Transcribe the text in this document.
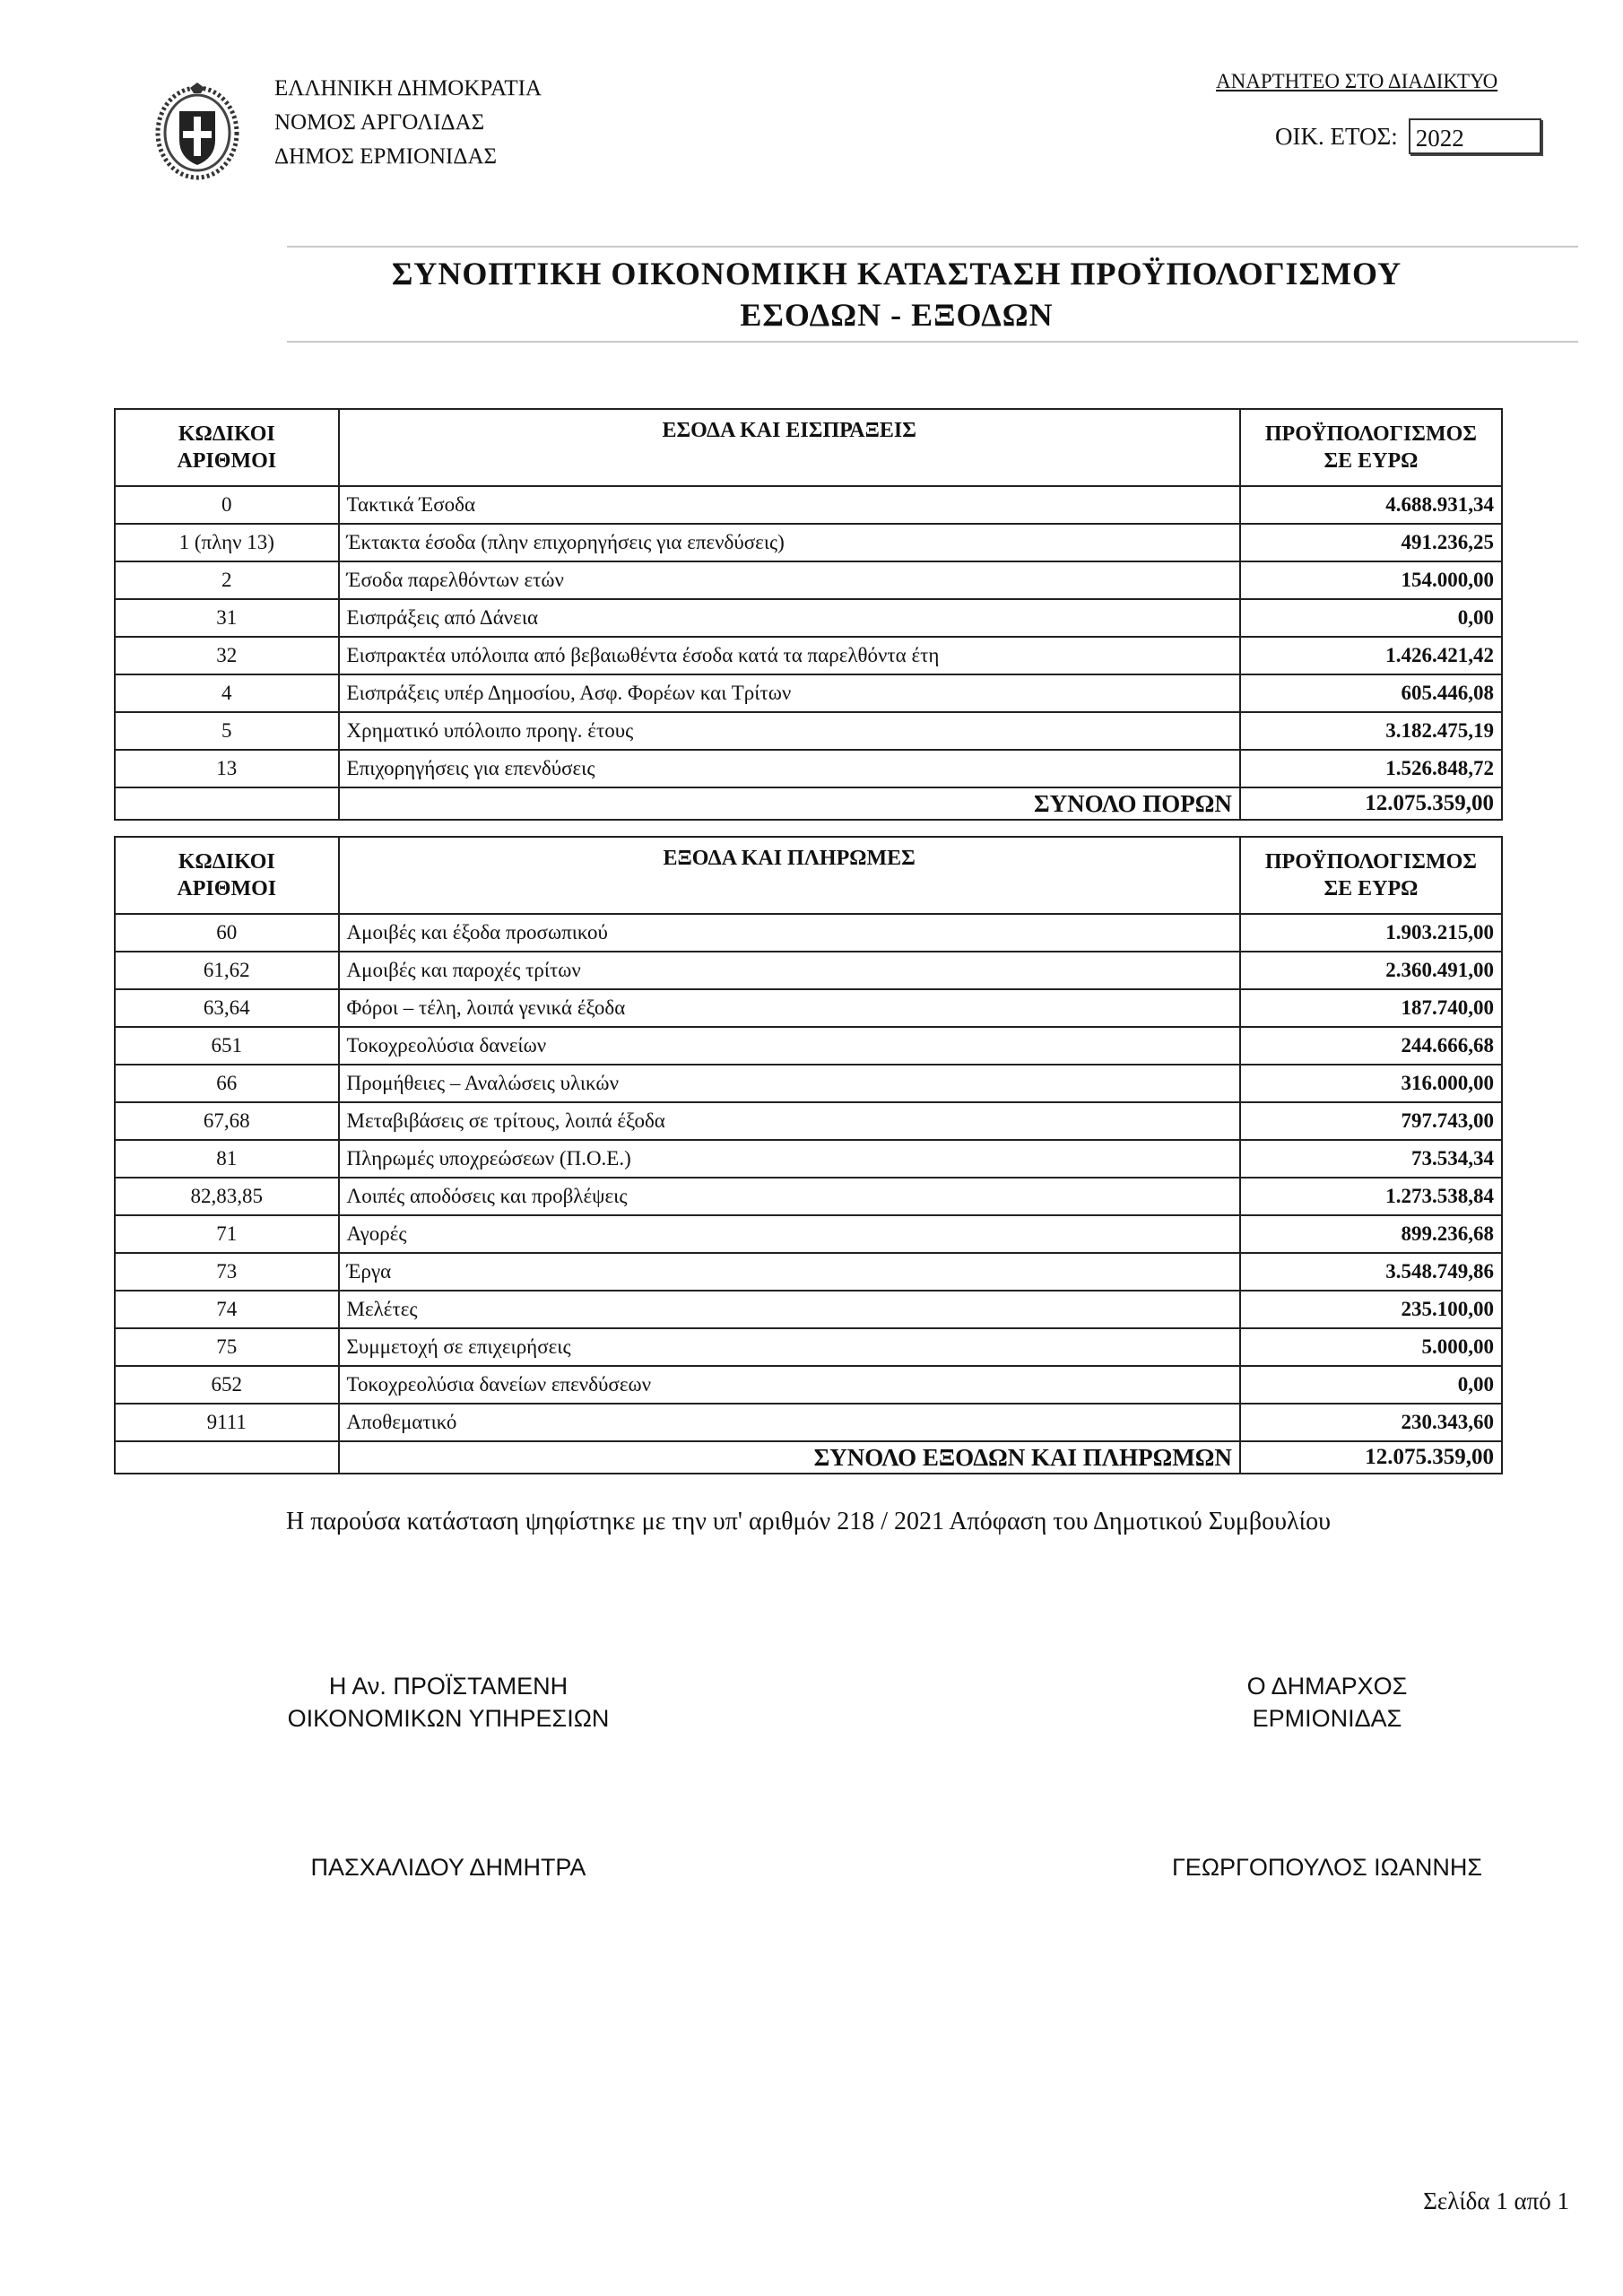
ΕΛΛΗΝΙΚΗ ΔΗΜΟΚΡΑΤΙΑ
ΝΟΜΟΣ ΑΡΓΟΛΙΔΑΣ
ΔΗΜΟΣ ΕΡΜΙΟΝΙΔΑΣ
ΑΝΑΡΤΗΤΕΟ ΣΤΟ ΔΙΑΔΙΚΤΥΟ
ΟΙΚ. ΕΤΟΣ: 2022
ΣΥΝΟΠΤΙΚΗ ΟΙΚΟΝΟΜΙΚΗ ΚΑΤΑΣΤΑΣΗ ΠΡΟΫΠΟΛΟΓΙΣΜΟΥ
ΕΣΟΔΩΝ - ΕΞΟΔΩΝ
ΚΩΔΙΚΟΙ
ΑΡΙΘΜΟΙ	ΕΣΟΔΑ ΚΑΙ ΕΙΣΠΡΑΞΕΙΣ	ΠΡΟΫΠΟΛΟΓΙΣΜΟΣ
ΣΕ ΕΥΡΩ
0	Τακτικά Έσοδα	4.688.931,34
1 (πλην 13)	Έκτακτα έσοδα (πλην επιχορηγήσεις για επενδύσεις)	491.236,25
2	Έσοδα παρελθόντων ετών	154.000,00
31	Εισπράξεις από Δάνεια	0,00
32	Εισπρακτέα υπόλοιπα από βεβαιωθέντα έσοδα κατά τα παρελθόντα έτη	1.426.421,42
4	Εισπράξεις υπέρ Δημοσίου, Ασφ. Φορέων και Τρίτων	605.446,08
5	Χρηματικό υπόλοιπο προηγ. έτους	3.182.475,19
13	Επιχορηγήσεις για επενδύσεις	1.526.848,72
	ΣΥΝΟΛΟ ΠΟΡΩΝ	12.075.359,00
ΚΩΔΙΚΟΙ
ΑΡΙΘΜΟΙ	ΕΞΟΔΑ ΚΑΙ ΠΛΗΡΩΜΕΣ	ΠΡΟΫΠΟΛΟΓΙΣΜΟΣ
ΣΕ ΕΥΡΩ
60	Αμοιβές και έξοδα προσωπικού	1.903.215,00
61,62	Αμοιβές και παροχές τρίτων	2.360.491,00
63,64	Φόροι – τέλη, λοιπά γενικά έξοδα	187.740,00
651	Τοκοχρεολύσια δανείων	244.666,68
66	Προμήθειες – Αναλώσεις υλικών	316.000,00
67,68	Μεταβιβάσεις σε τρίτους, λοιπά έξοδα	797.743,00
81	Πληρωμές υποχρεώσεων (Π.Ο.Ε.)	73.534,34
82,83,85	Λοιπές αποδόσεις και προβλέψεις	1.273.538,84
71	Αγορές	899.236,68
73	Έργα	3.548.749,86
74	Μελέτες	235.100,00
75	Συμμετοχή σε επιχειρήσεις	5.000,00
652	Τοκοχρεολύσια δανείων επενδύσεων	0,00
9111	Αποθεματικό	230.343,60
	ΣΥΝΟΛΟ ΕΞΟΔΩΝ ΚΑΙ ΠΛΗΡΩΜΩΝ	12.075.359,00
Η παρούσα κατάσταση ψηφίστηκε με την υπ' αριθμόν 218 / 2021 Απόφαση του Δημοτικού Συμβουλίου
Η Αν. ΠΡΟΪΣΤΑΜΕΝΗ
ΟΙΚΟΝΟΜΙΚΩΝ ΥΠΗΡΕΣΙΩΝ
Ο ΔΗΜΑΡΧΟΣ
ΕΡΜΙΟΝΙΔΑΣ
ΠΑΣΧΑΛΙΔΟΥ ΔΗΜΗΤΡΑ	ΓΕΩΡΓΟΠΟΥΛΟΣ ΙΩΑΝΝΗΣ
Σελίδα 1 από 1
